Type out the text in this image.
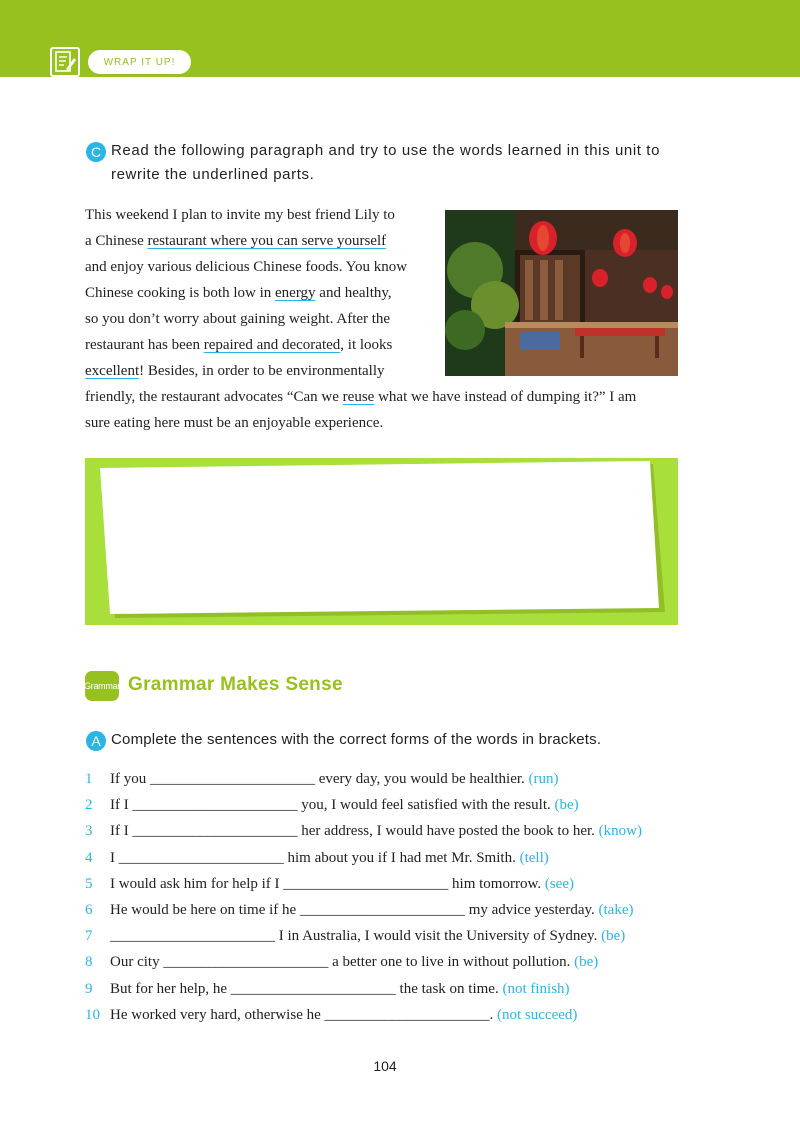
WRAP IT UP!
C Read the following paragraph and try to use the words learned in this unit to
rewrite the underlined parts.
This weekend I plan to invite my best friend Lily to
a Chinese restaurant where you can serve yourself
and enjoy various delicious Chinese foods. You know
Chinese cooking is both low in energy and healthy,
so you don’t worry about gaining weight. After the
restaurant has been repaired and decorated, it looks
excellent! Besides, in order to be environmentally
friendly, the restaurant advocates “Can we reuse what we have instead of dumping it?” I am
sure eating here must be an enjoyable experience.
Grammar Grammar Makes Sense
A Complete the sentences with the correct forms of the words in brackets.
1 If you ______________________ every day, you would be healthier. (run)
2 If I ______________________ you, I would feel satisfied with the result. (be)
3 If I ______________________ her address, I would have posted the book to her. (know)
4 I ______________________ him about you if I had met Mr. Smith. (tell)
5 I would ask him for help if I ______________________ him tomorrow. (see)
6 He would be here on time if he ______________________ my advice yesterday. (take)
7 ______________________ I in Australia, I would visit the University of Sydney. (be)
8 Our city ______________________ a better one to live in without pollution. (be)
9 But for her help, he ______________________ the task on time. (not finish)
10 He worked very hard, otherwise he ______________________. (not succeed)
104
